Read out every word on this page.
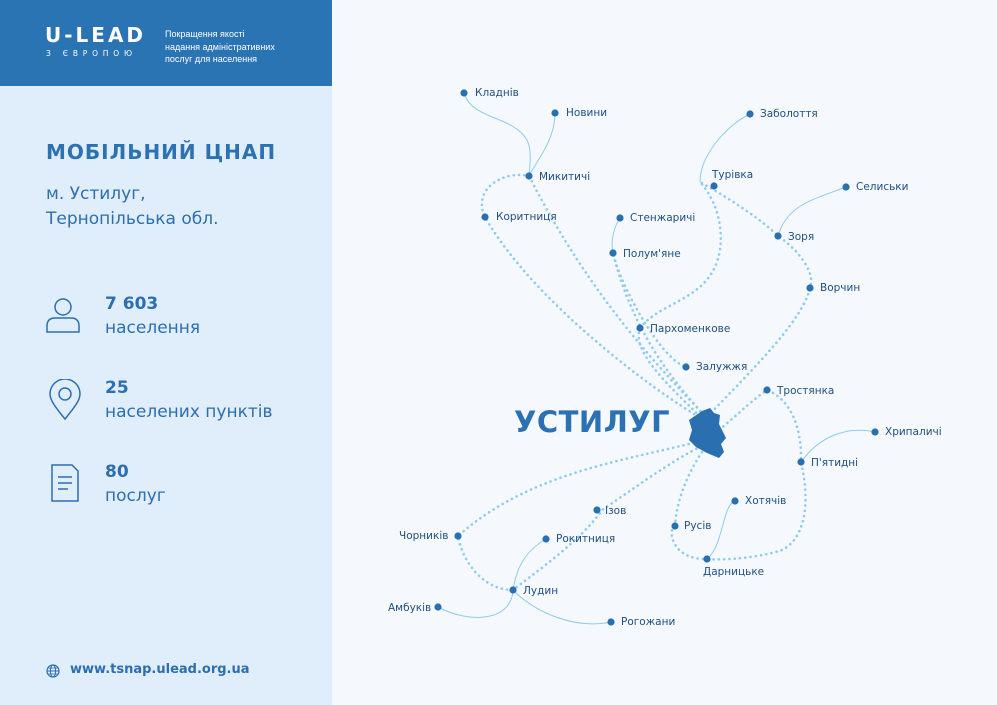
U-LEAD
З ЄВРОПОЮ
Покращення якості
надання адміністративних
послуг для населення
МОБІЛЬНИЙ ЦНАП
м. Устилуг,
Тернопільська обл.
7 603
населення
25
населених пунктів
80
послуг
www.tsnap.ulead.org.ua
УСТИЛУГ
Кладнів
Новини
Микитичі
Коритниця	Стенжаричі
Полум'яне
Пархоменкове
Залужжя
Заболоття
Турівка
Селиськи
Зоря
Ворчин
Тростянка
Хрипаличі
П'ятидні
Хотячів
Русів
Дарницьке
Ізов
Рокитниця
Чорників
Лудин
Амбуків
Рогожани
